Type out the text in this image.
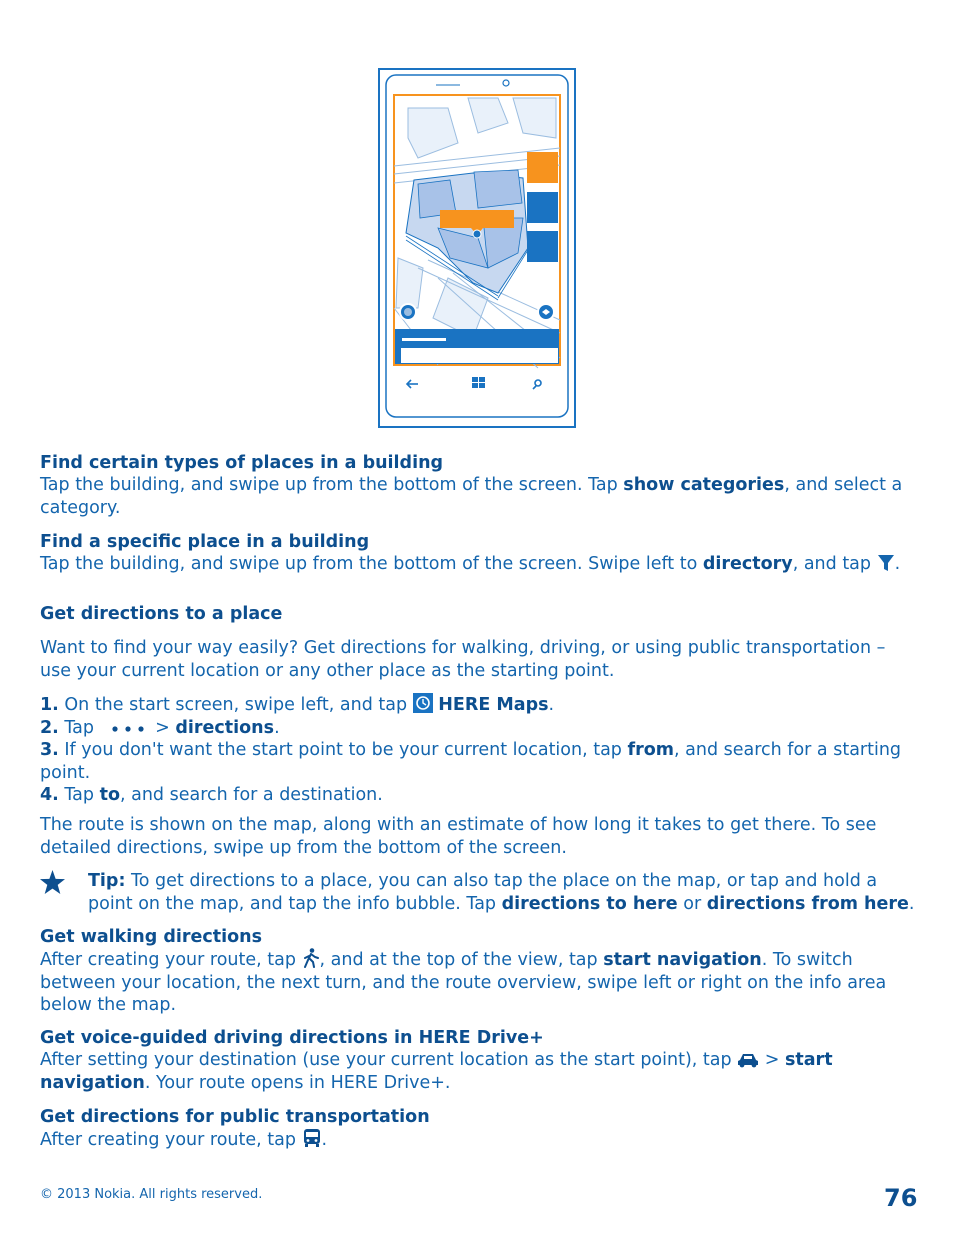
Find certain types of places in a building
Tap the building, and swipe up from the bottom of the screen. Tap show categories, and select a category.
Find a specific place in a building
Tap the building, and swipe up from the bottom of the screen. Swipe left to directory, and tap .
Get directions to a place
Want to find your way easily? Get directions for walking, driving, or using public transportation – use your current location or any other place as the starting point.
1. On the start screen, swipe left, and tap  HERE Maps.
2. Tap	> directions.
3. If you don't want the start point to be your current location, tap from, and search for a starting point.
4. Tap to, and search for a destination.
The route is shown on the map, along with an estimate of how long it takes to get there. To see detailed directions, swipe up from the bottom of the screen.
Tip: To get directions to a place, you can also tap the place on the map, or tap and hold a point on the map, and tap the info bubble. Tap directions to here or directions from here.
Get walking directions
After creating your route, tap , and at the top of the view, tap start navigation. To switch between your location, the next turn, and the route overview, swipe left or right on the info area below the map.
Get voice-guided driving directions in HERE Drive+
After setting your destination (use your current location as the start point), tap  > start navigation. Your route opens in HERE Drive+.
Get directions for public transportation
After creating your route, tap .
© 2013 Nokia. All rights reserved.	76
